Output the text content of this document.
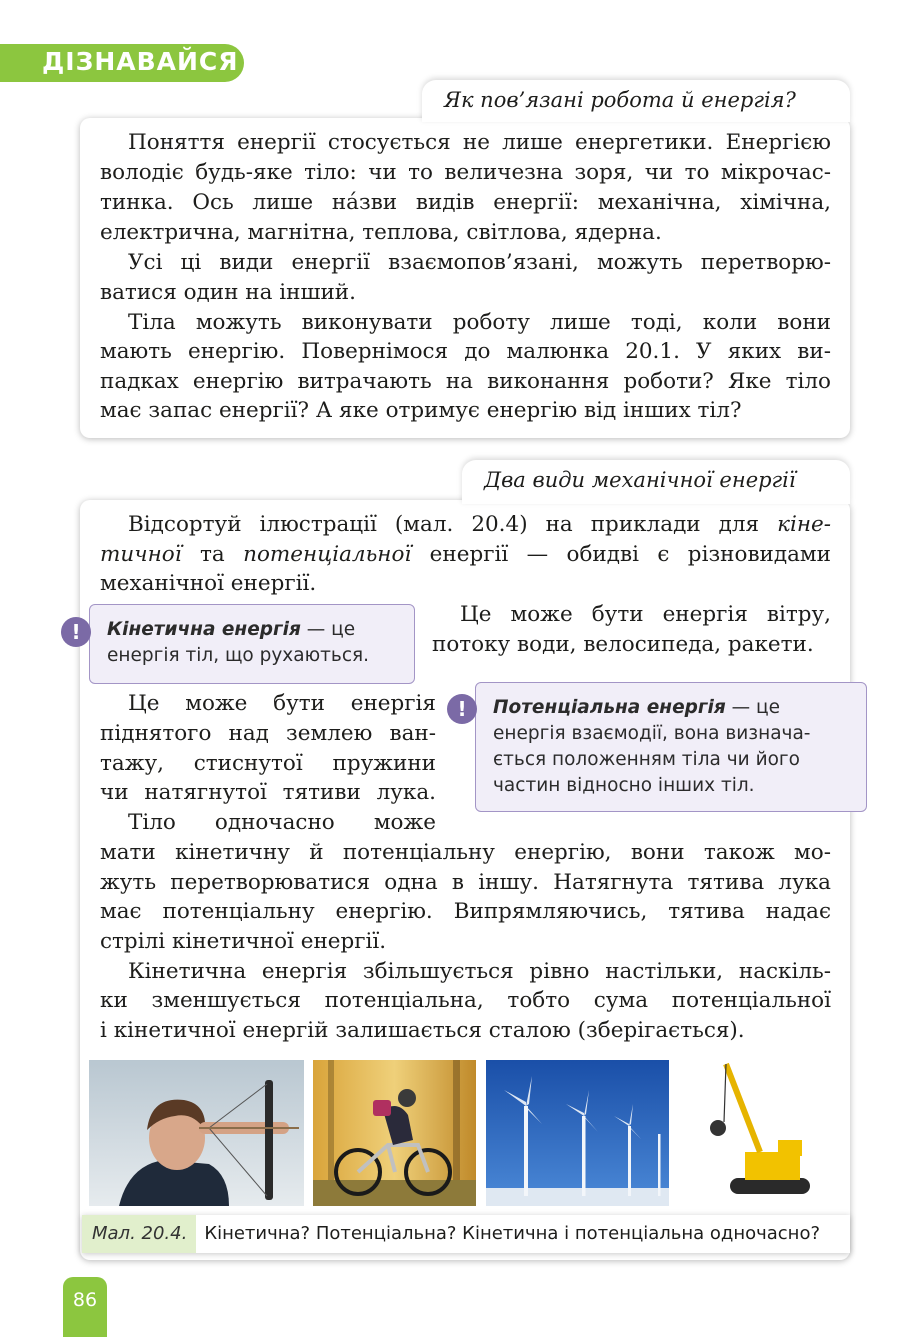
ДІЗНАВАЙСЯ
Як пов’язані робота й енергія?
Поняття енергії стосується не лише енергетики. Енергією
володіє будь-яке тіло: чи то величезна зоря, чи то мікрочас-
тинка. Ось лише на́зви видів енергії: механічна, хімічна,
електрична, магнітна, теплова, світлова, ядерна.
Усі ці види енергії взаємопов’язані, можуть перетворю-
ватися один на інший.
Тіла можуть виконувати роботу лише тоді, коли вони
мають енергію. Повернімося до малюнка 20.1. У яких ви-
падках енергію витрачають на виконання роботи? Яке тіло
має запас енергії? А яке отримує енергію від інших тіл?
Два види механічної енергії
Відсортуй ілюстрації (мал. 20.4) на приклади для кіне-
тичної та потенціальної енергії — обидві є різновидами
механічної енергії.
Кінетична енергія — це
енергія тіл, що рухаються.
!
Це може бути енергія вітру,
потоку води, велосипеда, ракети.
Це може бути енергія
піднятого над землею ван-
тажу, стиснутої пружини
чи натягнутої тятиви лука.
Тіло одночасно може
Потенціальна енергія — це
енергія взаємодії, вона визнача-
ється положенням тіла чи його
частин відносно інших тіл.
!
мати кінетичну й потенціальну енергію, вони також мо-
жуть перетворюватися одна в іншу. Натягнута тятива лука
має потенціальну енергію. Випрямляючись, тятива надає
стрілі кінетичної енергії.
Кінетична енергія збільшується рівно настільки, наскіль-
ки зменшується потенціальна, тобто сума потенціальної
і кінетичної енергій залишається сталою (зберігається).
Мал. 20.4. Кінетична? Потенціальна? Кінетична і потенціальна одночасно?
86
